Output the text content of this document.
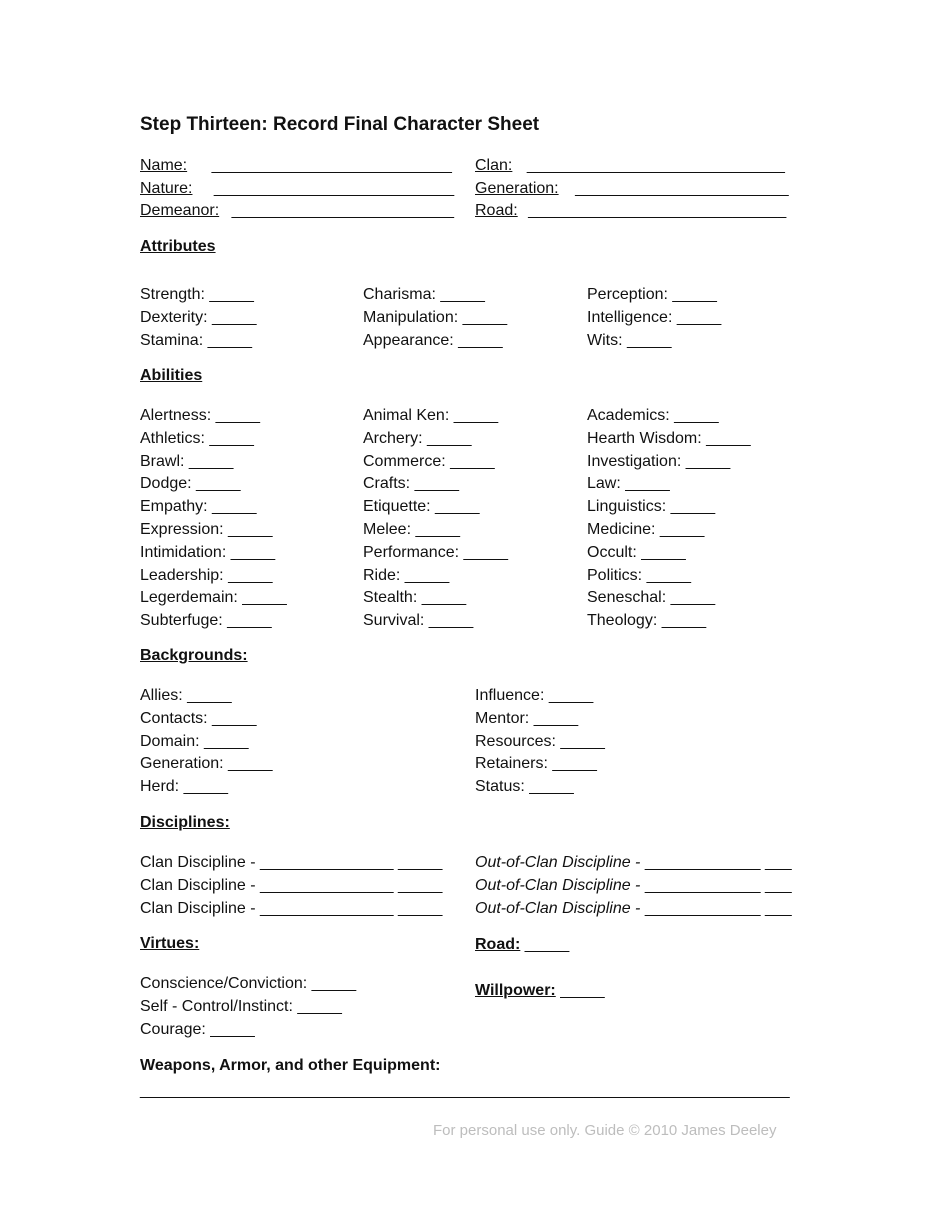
Step Thirteen: Record Final Character Sheet
Name: ___________________________ Clan: _____________________________
Nature: ___________________________ Generation: ________________________
Demeanor: _________________________ Road: _____________________________
Attributes
Strength: _____
Dexterity: _____
Stamina: _____
Charisma: _____
Manipulation: _____
Appearance: _____
Perception: _____
Intelligence: _____
Wits: _____
Abilities
Alertness: _____
Athletics: _____
Brawl: _____
Dodge: _____
Empathy: _____
Expression: _____
Intimidation: _____
Leadership: _____
Legerdemain: _____
Subterfuge: _____
Animal Ken: _____
Archery: _____
Commerce: _____
Crafts: _____
Etiquette: _____
Melee: _____
Performance: _____
Ride: _____
Stealth: _____
Survival: _____
Academics: _____
Hearth Wisdom: _____
Investigation: _____
Law: _____
Linguistics: _____
Medicine: _____
Occult: _____
Politics: _____
Seneschal: _____
Theology: _____
Backgrounds:
Allies: _____
Contacts: _____
Domain: _____
Generation: _____
Herd: _____
Influence: _____
Mentor: _____
Resources: _____
Retainers: _____
Status: _____
Disciplines:
Clan Discipline - _______________ _____
Clan Discipline - _______________ _____
Clan Discipline - _______________ _____
Out-of-Clan Discipline - _____________ ___
Out-of-Clan Discipline - _____________ ___
Out-of-Clan Discipline - _____________ ___
Virtues:
Conscience/Conviction: _____
Self - Control/Instinct: _____
Courage: _____
Road: _____
Willpower: _____
Weapons, Armor, and other Equipment:
_________________________________________________________________________
For personal use only. Guide © 2010 James Deeley
